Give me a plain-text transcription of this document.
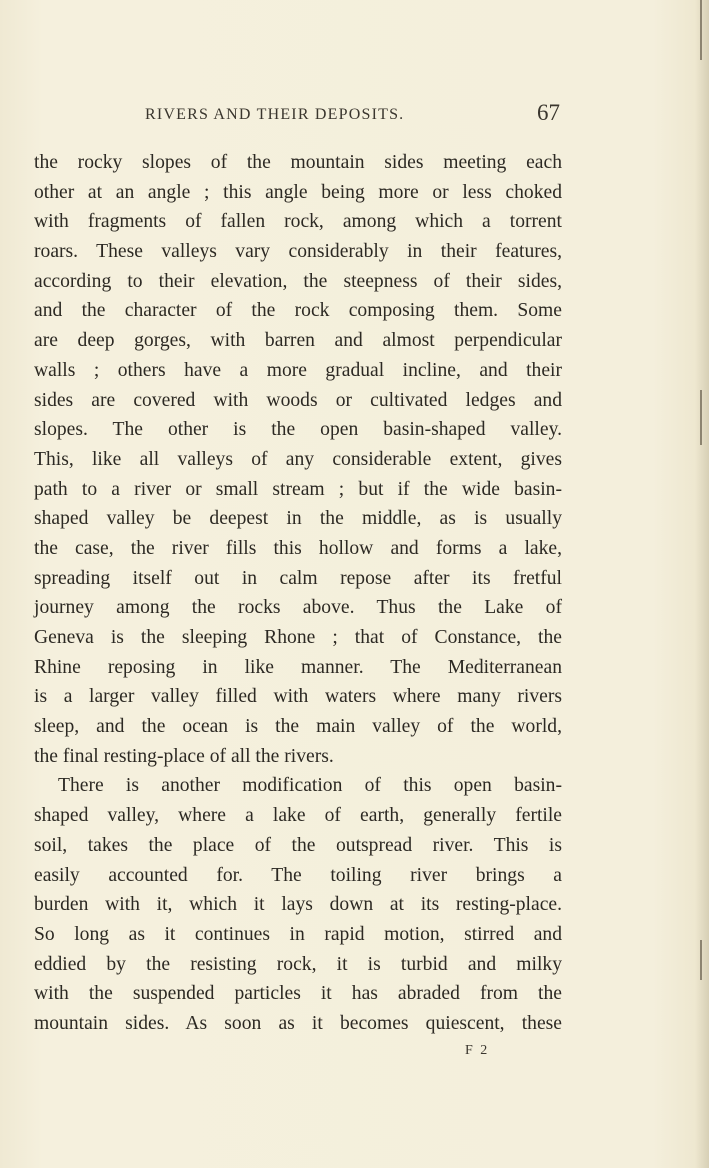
RIVERS AND THEIR DEPOSITS.	67
the rocky slopes of the mountain sides meeting each
other at an angle ; this angle being more or less choked
with fragments of fallen rock, among which a torrent
roars. These valleys vary considerably in their features,
according to their elevation, the steepness of their sides,
and the character of the rock composing them. Some
are deep gorges, with barren and almost perpendicular
walls ; others have a more gradual incline, and their
sides are covered with woods or cultivated ledges and
slopes. The other is the open basin-shaped valley.
This, like all valleys of any considerable extent, gives
path to a river or small stream ; but if the wide basin-
shaped valley be deepest in the middle, as is usually
the case, the river fills this hollow and forms a lake,
spreading itself out in calm repose after its fretful
journey among the rocks above. Thus the Lake of
Geneva is the sleeping Rhone ; that of Constance, the
Rhine reposing in like manner. The Mediterranean
is a larger valley filled with waters where many rivers
sleep, and the ocean is the main valley of the world,
the final resting-place of all the rivers.
There is another modification of this open basin-
shaped valley, where a lake of earth, generally fertile
soil, takes the place of the outspread river. This is
easily accounted for. The toiling river brings a
burden with it, which it lays down at its resting-place.
So long as it continues in rapid motion, stirred and
eddied by the resisting rock, it is turbid and milky
with the suspended particles it has abraded from the
mountain sides. As soon as it becomes quiescent, these
F 2
